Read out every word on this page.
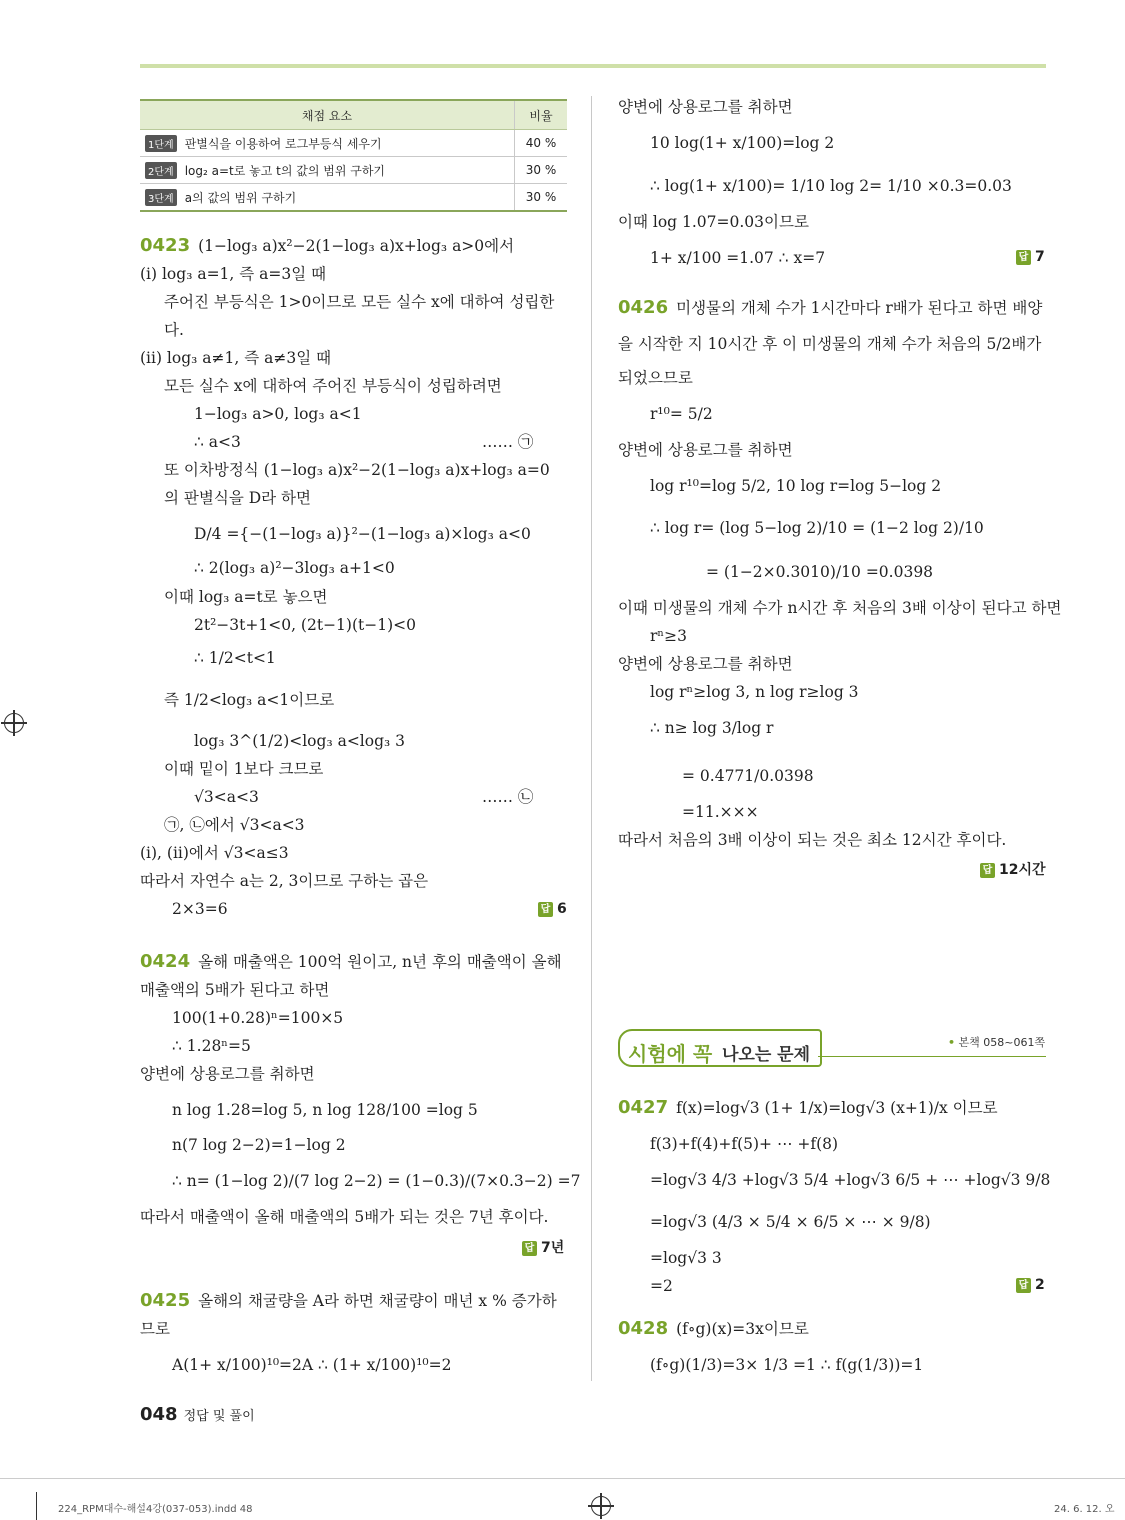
채점 요소	비율
1단계 판별식을 이용하여 로그부등식 세우기	40 %
2단계 log₂ a=t로 놓고 t의 값의 범위 구하기	30 %
3단계 a의 값의 범위 구하기	30 %
0423 (1−log₃ a)x²−2(1−log₃ a)x+log₃ a>0에서
(i) log₃ a=1, 즉 a=3일 때
주어진 부등식은 1>0이므로 모든 실수 x에 대하여 성립한
다.
(ii) log₃ a≠1, 즉 a≠3일 때
모든 실수 x에 대하여 주어진 부등식이 성립하려면
1−log₃ a>0, log₃ a<1
∴ a<3	…… ㉠
또 이차방정식 (1−log₃ a)x²−2(1−log₃ a)x+log₃ a=0
의 판별식을 D라 하면
D/4 ={−(1−log₃ a)}²−(1−log₃ a)×log₃ a<0
∴ 2(log₃ a)²−3log₃ a+1<0
이때 log₃ a=t로 놓으면
2t²−3t+1<0, (2t−1)(t−1)<0
∴ 1/2<t<1
즉 1/2<log₃ a<1이므로
log₃ 3^(1/2)<log₃ a<log₃ 3
이때 밑이 1보다 크므로
√3<a<3	…… ㉡
㉠, ㉡에서 √3<a<3
(i), (ii)에서 √3<a≤3
따라서 자연수 a는 2, 3이므로 구하는 곱은
2×3=6	답 6
0424 올해 매출액은 100억 원이고, n년 후의 매출액이 올해
매출액의 5배가 된다고 하면
100(1+0.28)ⁿ=100×5
∴ 1.28ⁿ=5
양변에 상용로그를 취하면
n log 1.28=log 5, n log 128/100 =log 5
n(7 log 2−2)=1−log 2
∴ n= (1−log 2)/(7 log 2−2) = (1−0.3)/(7×0.3−2) =7
따라서 매출액이 올해 매출액의 5배가 되는 것은 7년 후이다.
답 7년
0425 올해의 채굴량을 A라 하면 채굴량이 매년 x % 증가하
므로
A(1+ x/100)¹⁰=2A ∴ (1+ x/100)¹⁰=2
양변에 상용로그를 취하면
10 log(1+ x/100)=log 2
∴ log(1+ x/100)= 1/10 log 2= 1/10 ×0.3=0.03
이때 log 1.07=0.03이므로
1+ x/100 =1.07 ∴ x=7	답 7
0426 미생물의 개체 수가 1시간마다 r배가 된다고 하면 배양
을 시작한 지 10시간 후 이 미생물의 개체 수가 처음의 5/2배가
되었으므로
r¹⁰= 5/2
양변에 상용로그를 취하면
log r¹⁰=log 5/2, 10 log r=log 5−log 2
∴ log r= (log 5−log 2)/10 = (1−2 log 2)/10
= (1−2×0.3010)/10 =0.0398
이때 미생물의 개체 수가 n시간 후 처음의 3배 이상이 된다고 하면
rⁿ≥3
양변에 상용로그를 취하면
log rⁿ≥log 3, n log r≥log 3
∴ n≥ log 3/log r
= 0.4771/0.0398
=11.×××
따라서 처음의 3배 이상이 되는 것은 최소 12시간 후이다.
답 12시간
시험에 꼭 나오는 문제
• 본책 058~061쪽
0427 f(x)=log√3 (1+ 1/x)=log√3 (x+1)/x 이므로
f(3)+f(4)+f(5)+ ⋯ +f(8)
=log√3 4/3 +log√3 5/4 +log√3 6/5 + ⋯ +log√3 9/8
=log√3 (4/3 × 5/4 × 6/5 × ⋯ × 9/8)
=log√3 3
=2	답 2
0428 (f∘g)(x)=3x이므로
(f∘g)(1/3)=3× 1/3 =1 ∴ f(g(1/3))=1
048 정답 및 풀이
224_RPM대수-해설4강(037-053).indd 48	24. 6. 12. 오
